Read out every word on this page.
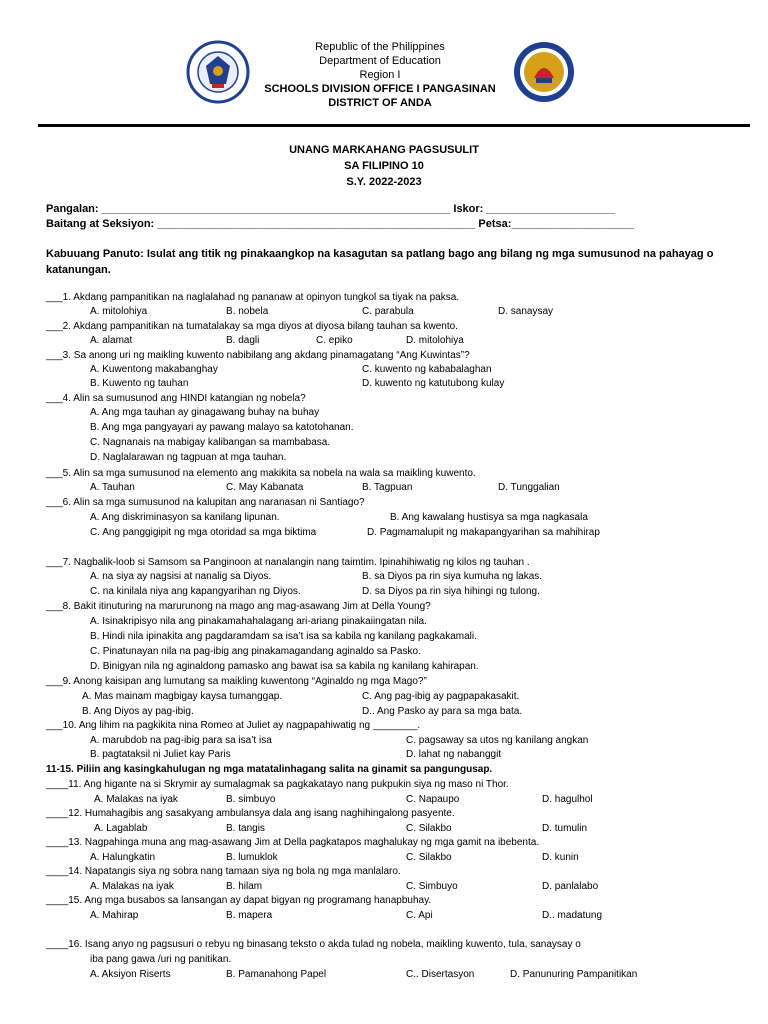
Republic of the Philippines
Department of Education
Region I
SCHOOLS DIVISION OFFICE I PANGASINAN
DISTRICT OF ANDA
UNANG MARKAHANG PAGSUSULIT
SA FILIPINO 10
S.Y. 2022-2023
Pangalan: _________________________________________________________ Iskor: _____________________
Baitang at Seksiyon: ____________________________________________________ Petsa:____________________
Kabuuang Panuto: Isulat ang titik ng pinakaangkop na kasagutan sa patlang bago ang bilang ng mga sumusunod na pahayag o katanungan.
___1. Akdang pampanitikan na naglalahad ng pananaw at opinyon tungkol sa tiyak na paksa.
A. mitolohiya	B. nobela	C. parabula	D. sanaysay
___2. Akdang pampanitikan na tumatalakay sa mga diyos at diyosa bilang tauhan sa kwento.
A. alamat	B. dagli	C. epiko	D. mitolohiya
___3. Sa anong uri ng maikling kuwento nabibilang ang akdang pinamagatang “Ang Kuwintas”?
A. Kuwentong makabanghay	C. kuwento ng kababalaghan
B. Kuwento ng tauhan	D. kuwento ng katutubong kulay
___4. Alin sa sumusunod ang HINDI katangian ng nobela?
A. Ang mga tauhan ay ginagawang buhay na buhay
B. Ang mga pangyayari ay pawang malayo sa katotohanan.
C. Nagnanais na mabigay kalibangan sa mambabasa.
D. Naglalarawan ng tagpuan at mga tauhan.
___5. Alin sa mga sumusunod na elemento ang makikita sa nobela na wala sa maikling kuwento.
A. Tauhan	C. May Kabanata	B. Tagpuan	D. Tunggalian
___6. Alin sa mga sumusunod na kalupitan ang naranasan ni Santiago?
A. Ang diskriminasyon sa kanilang lipunan.	B. Ang kawalang hustisya sa mga nagkasala
C. Ang panggigipit ng mga otoridad sa mga biktima	D. Pagmamalupit ng makapangyarihan sa mahihirap
___7. Nagbalik-loob si Samsom sa Panginoon at nanalangin nang taimtim. Ipinahihiwatig ng kilos ng tauhan .
A. na siya ay nagsisi at nanalig sa Diyos.	B. sa Diyos pa rin siya kumuha ng lakas.
C. na kinilala niya ang kapangyarihan ng Diyos.	D. sa Diyos pa rin siya hihingi ng tulong.
___8. Bakit itinuturing na marurunong na mago ang mag-asawang Jim at Della Young?
A. Isinakripisyo nila ang pinakamahahalagang ari-ariang pinakaiingatan nila.
B. Hindi nila ipinakita ang pagdaramdam sa isa’t isa sa kabila ng kanilang pagkakamali.
C. Pinatunayan nila na pag-ibig ang pinakamagandang aginaldo sa Pasko.
D. Binigyan nila ng aginaldong pamasko ang bawat isa sa kabila ng kanilang kahirapan.
___9. Anong kaisipan ang lumutang sa maikling kuwentong “Aginaldo ng mga Mago?”
A. Mas mainam magbigay kaysa tumanggap.	C. Ang pag-ibig ay pagpapakasakit.
B. Ang Diyos ay pag-ibig.	D.. Ang Pasko ay para sa mga bata.
___10. Ang lihim na pagkikita nina Romeo at Juliet ay nagpapahiwatig ng ________.
A. marubdob na pag-ibig para sa isa’t isa	C. pagsaway sa utos ng kanilang angkan
B. pagtataksil ni Juliet kay Paris	D. lahat ng nabanggit
11-15. Piliin ang kasingkahulugan ng mga matatalinhagang salita na ginamit sa pangungusap.
____11. Ang higante na si Skrymir ay sumalagmak sa pagkakatayo nang pukpukin siya ng maso ni Thor.
A. Malakas na iyak	B. simbuyo	C. Napaupo	D. hagulhol
____12. Humahagibis ang sasakyang ambulansya dala ang isang naghihingalong pasyente.
A. Lagablab	B. tangis	C. Silakbo	D. tumulin
____13. Nagpahinga muna ang mag-asawang Jim at Della pagkatapos maghalukay ng mga gamit na ibebenta.
A. Halungkatin	B. lumuklok	C. Silakbo	D. kunin
____14. Napatangis siya ng sobra nang tamaan siya ng bola ng mga manlalaro.
A. Malakas na iyak	B. hilam	C. Simbuyo	D. panlalabo
____15. Ang mga busabos sa lansangan ay dapat bigyan ng programang hanapbuhay.
A. Mahirap	B. mapera	C. Api	D.. madatung
____16. Isang anyo ng pagsusuri o rebyu ng binasang teksto o akda tulad ng nobela, maikling kuwento, tula, sanaysay o
iba pang gawa /uri ng panitikan.
A. Aksiyon Riserts	B. Pamanahong Papel	C.. Disertasyon	D. Panunuring Pampanitikan
